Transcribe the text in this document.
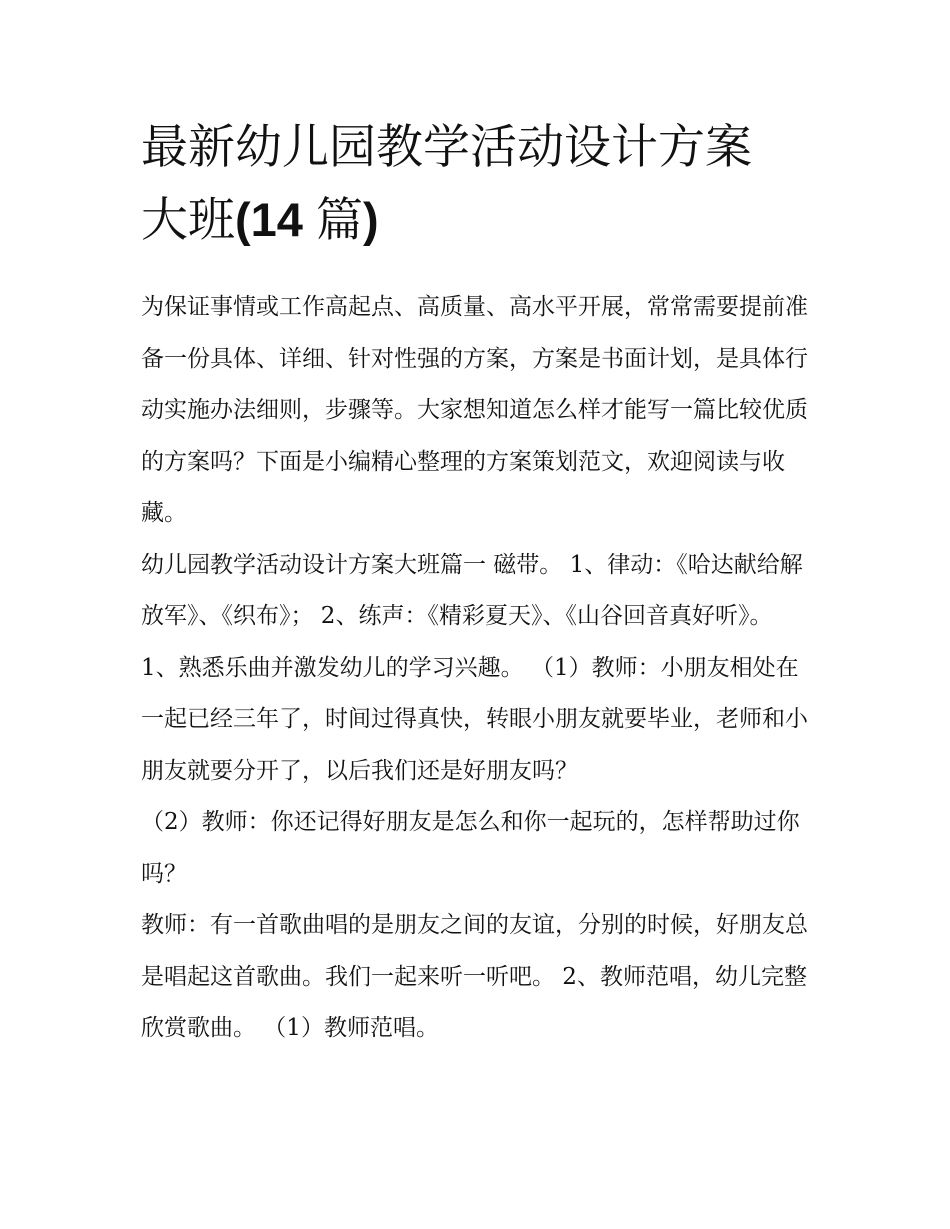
最新幼儿园教学活动设计方案
大班(14 篇)

为保证事情或工作高起点、高质量、高水平开展，常常需要提前准备一份具体、详细、针对性强的方案，方案是书面计划，是具体行动实施办法细则，步骤等。大家想知道怎么样才能写一篇比较优质的方案吗？下面是小编精心整理的方案策划范文，欢迎阅读与收藏。

幼儿园教学活动设计方案大班篇一 磁带。 1、律动：《哈达献给解放军》、《织布》； 2、练声：《精彩夏天》、《山谷回音真好听》。

1、熟悉乐曲并激发幼儿的学习兴趣。 （1）教师：小朋友相处在一起已经三年了，时间过得真快，转眼小朋友就要毕业，老师和小朋友就要分开了，以后我们还是好朋友吗？

（2）教师：你还记得好朋友是怎么和你一起玩的，怎样帮助过你吗？

教师：有一首歌曲唱的是朋友之间的友谊，分别的时候，好朋友总是唱起这首歌曲。我们一起来听一听吧。 2、教师范唱，幼儿完整欣赏歌曲。 （1）教师范唱。
